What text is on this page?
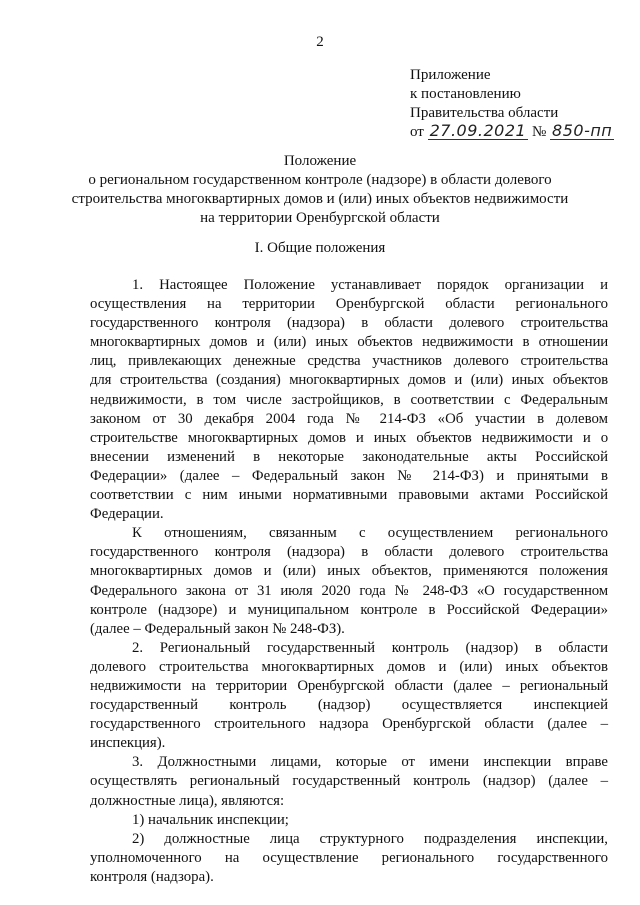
2
Приложение
к постановлению
Правительства области
от 27.09.2021 № 850-пп
Положение
о региональном государственном контроле (надзоре) в области долевого
строительства многоквартирных домов и (или) иных объектов недвижимости
на территории Оренбургской области
I. Общие положения

1. Настоящее Положение устанавливает порядок организации и

осуществления на территории Оренбургской области регионального

государственного контроля (надзора) в области долевого строительства

многоквартирных домов и (или) иных объектов недвижимости в отношении

лиц, привлекающих денежные средства участников долевого строительства

для строительства (создания) многоквартирных домов и (или) иных объектов

недвижимости, в том числе застройщиков, в соответствии с Федеральным

законом от 30 декабря 2004 года № 214-ФЗ «Об участии в долевом

строительстве многоквартирных домов и иных объектов недвижимости и о

внесении изменений в некоторые законодательные акты Российской

Федерации» (далее – Федеральный закон № 214-ФЗ) и принятыми в

соответствии с ним иными нормативными правовыми актами Российской

Федерации.

К отношениям, связанным с осуществлением регионального

государственного контроля (надзора) в области долевого строительства

многоквартирных домов и (или) иных объектов, применяются положения

Федерального закона от 31 июля 2020 года № 248-ФЗ «О государственном

контроле (надзоре) и муниципальном контроле в Российской Федерации»

(далее – Федеральный закон № 248-ФЗ).

2. Региональный государственный контроль (надзор) в области

долевого строительства многоквартирных домов и (или) иных объектов

недвижимости на территории Оренбургской области (далее – региональный

государственный контроль (надзор) осуществляется инспекцией

государственного строительного надзора Оренбургской области (далее –

инспекция).

3. Должностными лицами, которые от имени инспекции вправе

осуществлять региональный государственный контроль (надзор) (далее –

должностные лица), являются:

1) начальник инспекции;

2) должностные лица структурного подразделения инспекции,

уполномоченного на осуществление регионального государственного

контроля (надзора).
